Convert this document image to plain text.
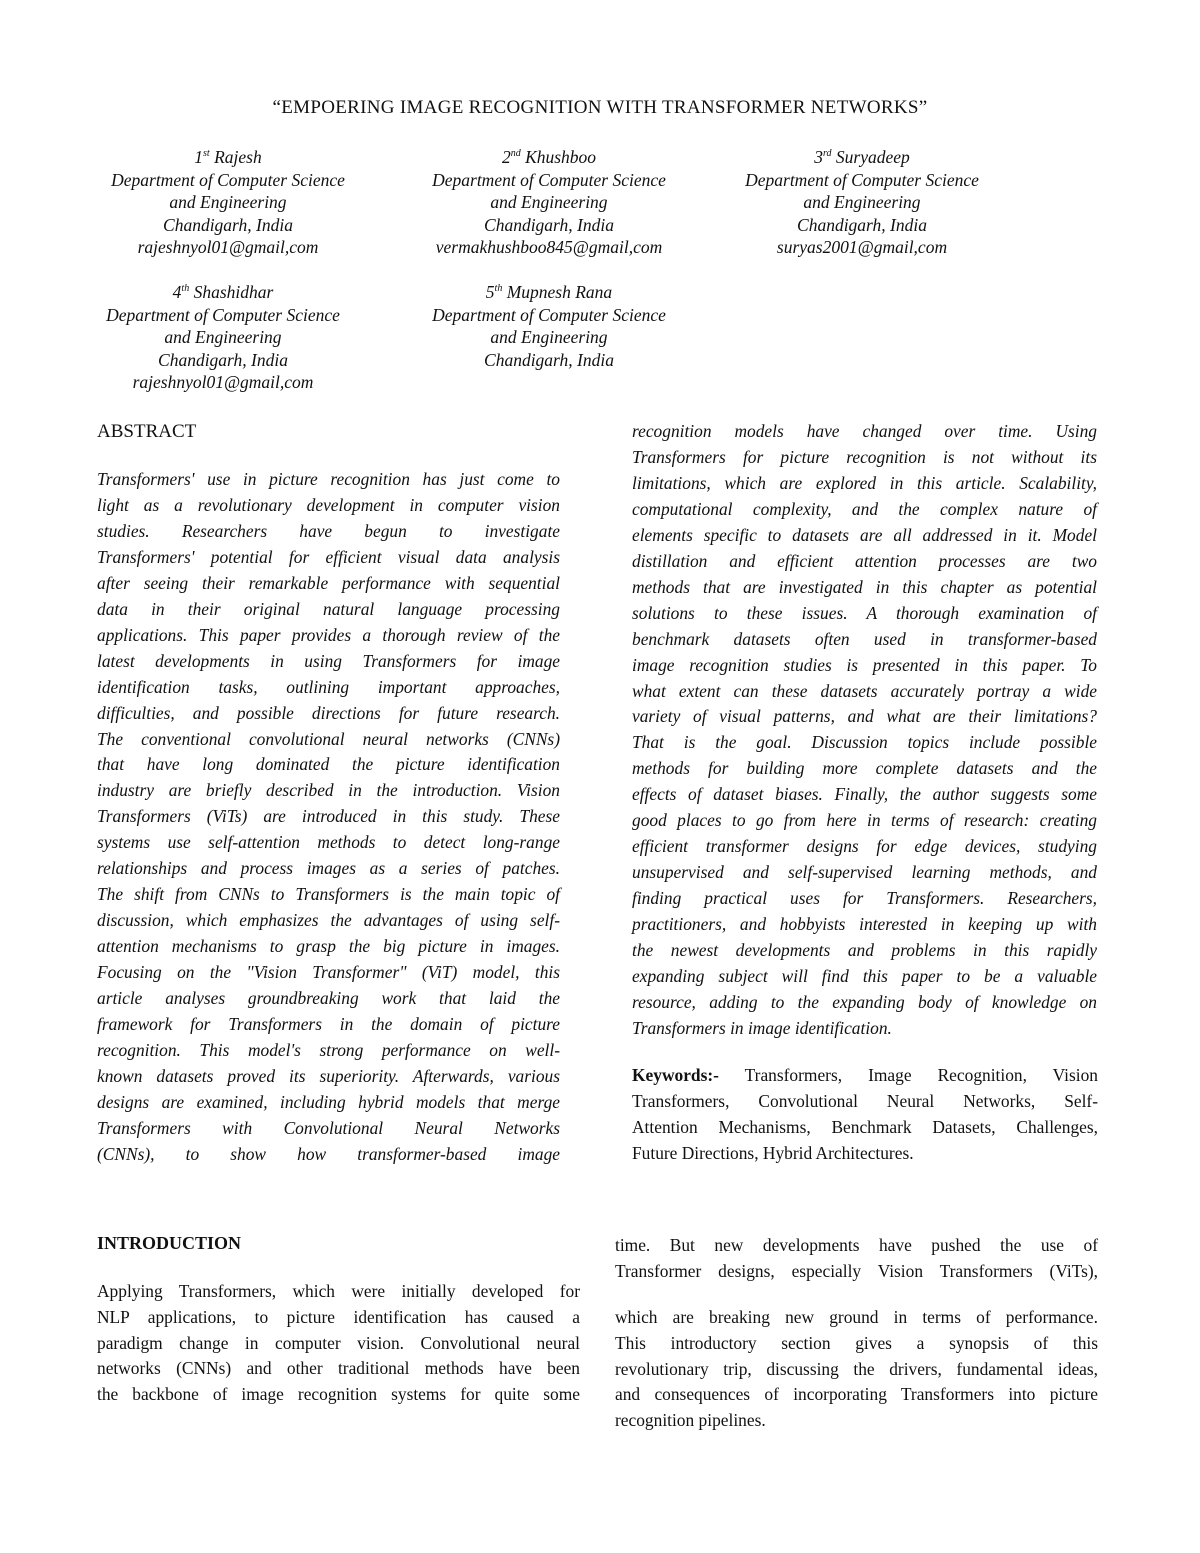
“EMPOERING IMAGE RECOGNITION WITH TRANSFORMER NETWORKS”
1st Rajesh
Department of Computer Science
and Engineering
Chandigarh, India
rajeshnyol01@gmail,com
2nd Khushboo
Department of Computer Science
and Engineering
Chandigarh, India
vermakhushboo845@gmail,com
3rd Suryadeep
Department of Computer Science
and Engineering
Chandigarh, India
suryas2001@gmail,com
4th Shashidhar
Department of Computer Science
and Engineering
Chandigarh, India
rajeshnyol01@gmail,com
5th Mupnesh Rana
Department of Computer Science
and Engineering
Chandigarh, India
ABSTRACT

Transformers' use in picture recognition has just come to
light as a revolutionary development in computer vision
studies. Researchers have begun to investigate
Transformers' potential for efficient visual data analysis
after seeing their remarkable performance with sequential
data in their original natural language processing
applications. This paper provides a thorough review of the
latest developments in using Transformers for image
identification tasks, outlining important approaches,
difficulties, and possible directions for future research.
The conventional convolutional neural networks (CNNs)
that have long dominated the picture identification
industry are briefly described in the introduction. Vision
Transformers (ViTs) are introduced in this study. These
systems use self-attention methods to detect long-range
relationships and process images as a series of patches.
The shift from CNNs to Transformers is the main topic of
discussion, which emphasizes the advantages of using self-
attention mechanisms to grasp the big picture in images.
Focusing on the "Vision Transformer" (ViT) model, this
article analyses groundbreaking work that laid the
framework for Transformers in the domain of picture
recognition. This model's strong performance on well-
known datasets proved its superiority. Afterwards, various
designs are examined, including hybrid models that merge
Transformers with Convolutional Neural Networks
(CNNs), to show how transformer-based image

recognition models have changed over time. Using
Transformers for picture recognition is not without its
limitations, which are explored in this article. Scalability,
computational complexity, and the complex nature of
elements specific to datasets are all addressed in it. Model
distillation and efficient attention processes are two
methods that are investigated in this chapter as potential
solutions to these issues. A thorough examination of
benchmark datasets often used in transformer-based
image recognition studies is presented in this paper. To
what extent can these datasets accurately portray a wide
variety of visual patterns, and what are their limitations?
That is the goal. Discussion topics include possible
methods for building more complete datasets and the
effects of dataset biases. Finally, the author suggests some
good places to go from here in terms of research: creating
efficient transformer designs for edge devices, studying
unsupervised and self-supervised learning methods, and
finding practical uses for Transformers. Researchers,
practitioners, and hobbyists interested in keeping up with
the newest developments and problems in this rapidly
expanding subject will find this paper to be a valuable
resource, adding to the expanding body of knowledge on
Transformers in image identification.

Keywords:- Transformers, Image Recognition, Vision
Transformers, Convolutional Neural Networks, Self-
Attention Mechanisms, Benchmark Datasets, Challenges,
Future Directions, Hybrid Architectures.

INTRODUCTION

Applying Transformers, which were initially developed for
NLP applications, to picture identification has caused a
paradigm change in computer vision. Convolutional neural
networks (CNNs) and other traditional methods have been
the backbone of image recognition systems for quite some

time. But new developments have pushed the use of
Transformer designs, especially Vision Transformers (ViTs),

which are breaking new ground in terms of performance.
This introductory section gives a synopsis of this
revolutionary trip, discussing the drivers, fundamental ideas,
and consequences of incorporating Transformers into picture
recognition pipelines.
